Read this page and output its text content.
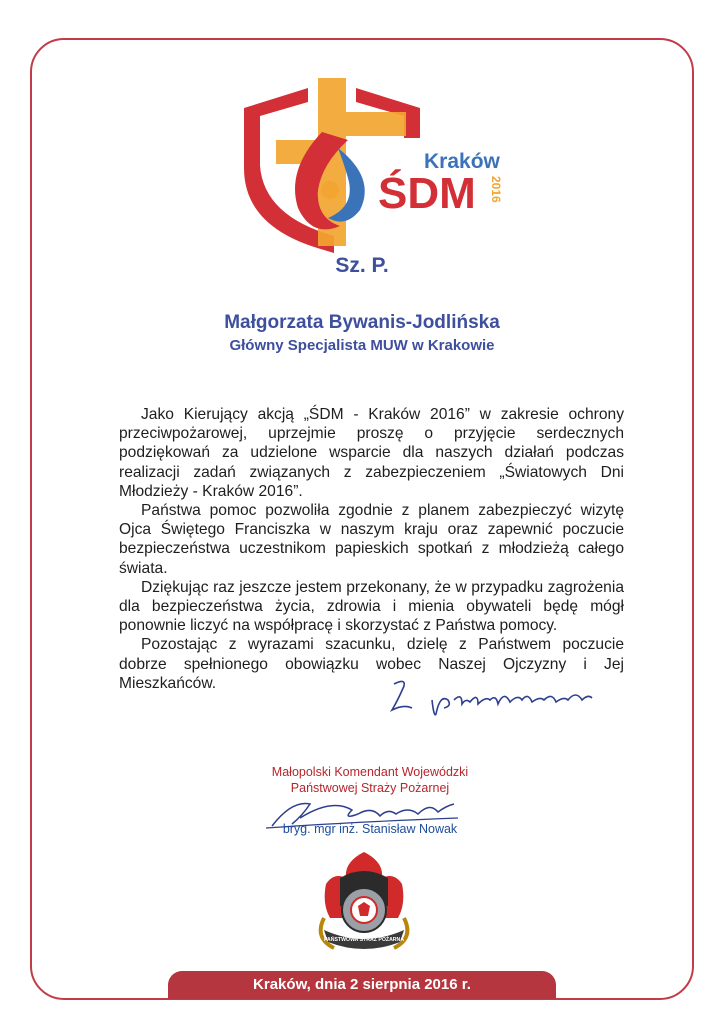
Kraków
ŚDM 2016
Sz. P.
Małgorzata Bywanis-Jodlińska
Główny Specjalista MUW w Krakowie

Jako Kierujący akcją „ŚDM - Kraków 2016” w zakresie ochrony przeciwpożarowej, uprzejmie proszę o przyjęcie serdecznych podziękowań za udzielone wsparcie dla naszych działań podczas realizacji zadań związanych z zabezpieczeniem „Światowych Dni Młodzieży - Kraków 2016”.

Państwa pomoc pozwoliła zgodnie z planem zabezpieczyć wizytę Ojca Świętego Franciszka w naszym kraju oraz zapewnić poczucie bezpieczeństwa uczestnikom papieskich spotkań z młodzieżą całego świata.

Dziękując raz jeszcze jestem przekonany, że w przypadku zagrożenia dla bezpieczeństwa życia, zdrowia i mienia obywateli będę mógł ponownie liczyć na współpracę i skorzystać z Państwa pomocy.

Pozostając z wyrazami szacunku, dzielę z Państwem poczucie dobrze spełnionego obowiązku wobec Naszej Ojczyzny i Jej Mieszkańców.

Małopolski Komendant Wojewódzki
Państwowej Straży Pożarnej
bryg. mgr inż. Stanisław Nowak
PAŃSTWOWA STRAŻ POŻARNA
Kraków, dnia 2 sierpnia 2016 r.
